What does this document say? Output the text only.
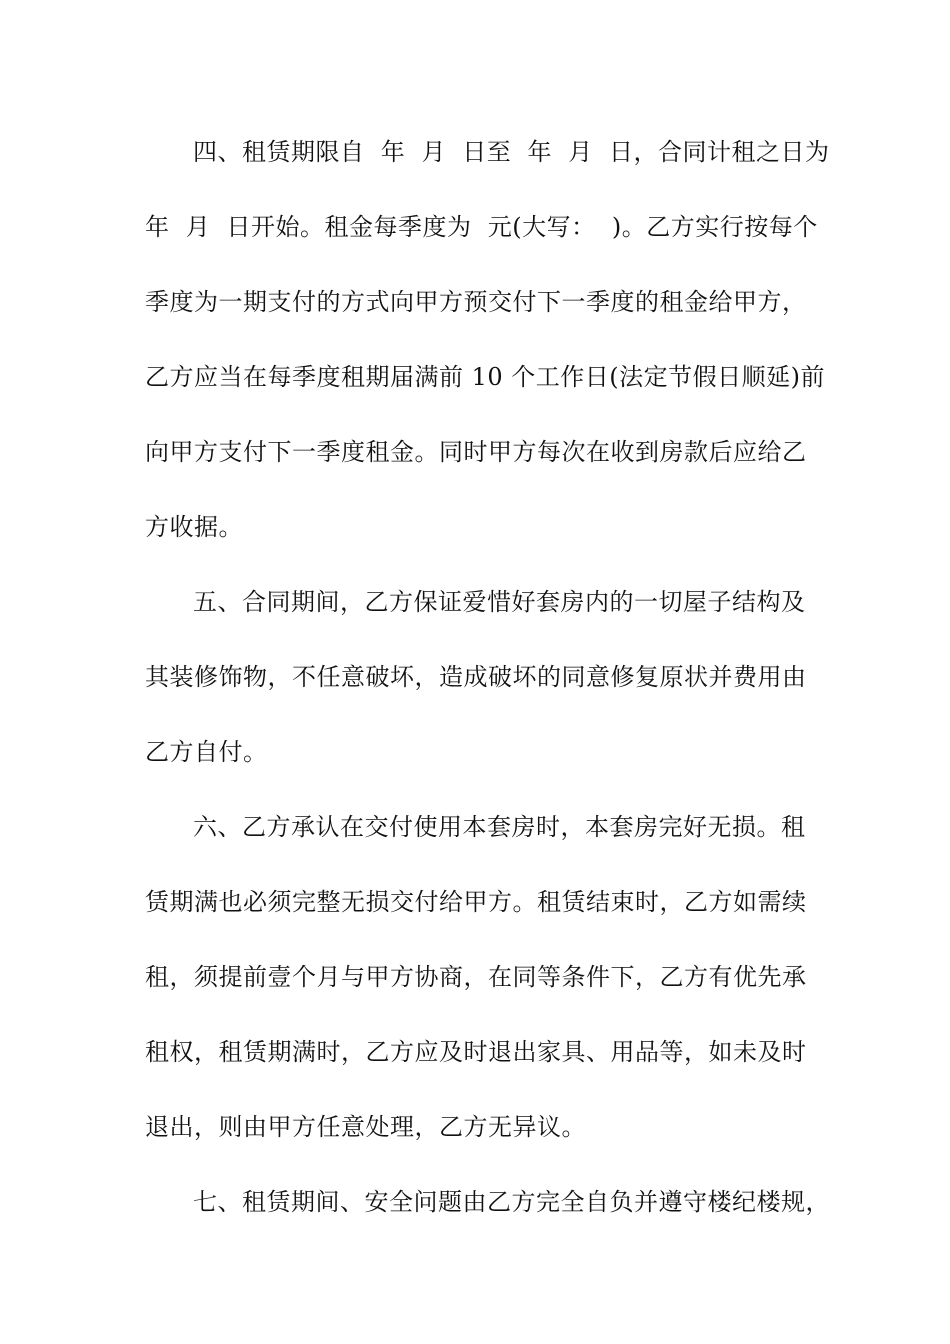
四、租赁期限自  年  月  日至  年  月  日，合同计租之日为
年  月  日开始。租金每季度为  元(大写：  )。乙方实行按每个
季度为一期支付的方式向甲方预交付下一季度的租金给甲方，
乙方应当在每季度租期届满前 10 个工作日(法定节假日顺延)前
向甲方支付下一季度租金。同时甲方每次在收到房款后应给乙
方收据。
五、合同期间，乙方保证爱惜好套房内的一切屋子结构及
其装修饰物，不任意破坏，造成破坏的同意修复原状并费用由
乙方自付。
六、乙方承认在交付使用本套房时，本套房完好无损。租
赁期满也必须完整无损交付给甲方。租赁结束时，乙方如需续
租，须提前壹个月与甲方协商，在同等条件下，乙方有优先承
租权，租赁期满时，乙方应及时退出家具、用品等，如未及时
退出，则由甲方任意处理，乙方无异议。
七、租赁期间、安全问题由乙方完全自负并遵守楼纪楼规，
